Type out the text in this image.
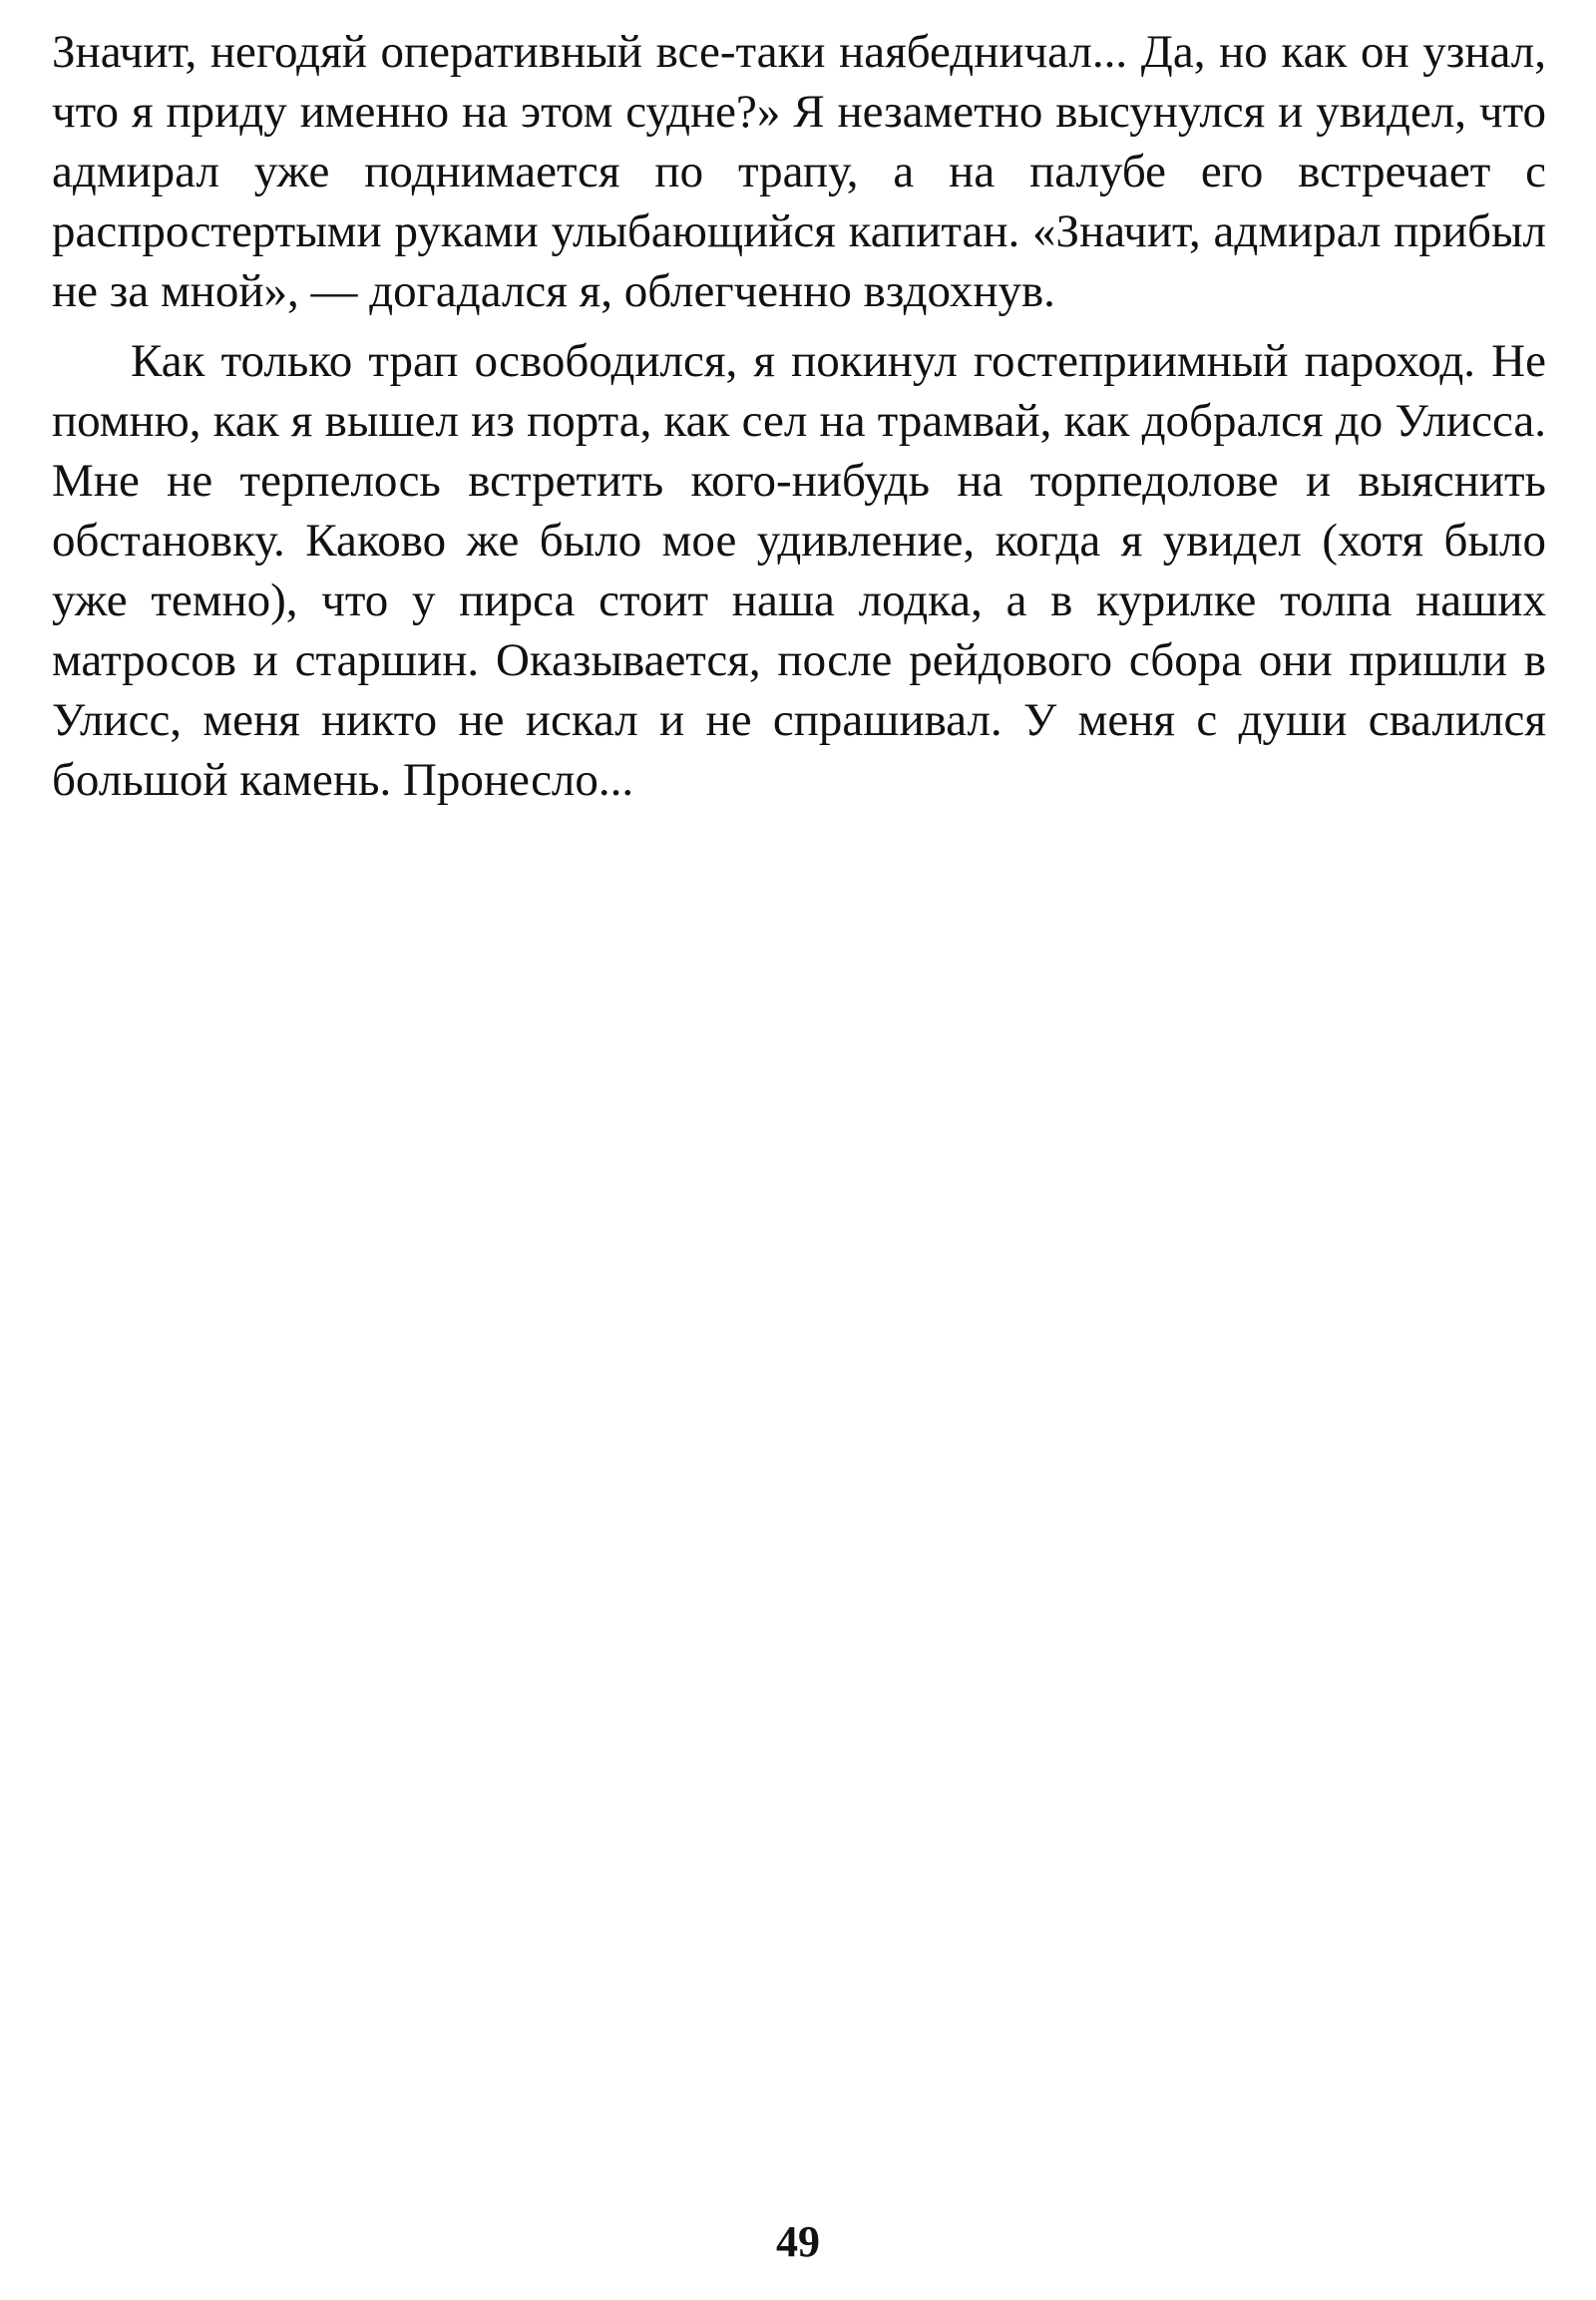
Значит, негодяй оперативный все-таки наябедничал... Да, но как он узнал, что я приду именно на этом судне?» Я незаметно высунулся и увидел, что адмирал уже поднимается по трапу, а на палубе его встречает с распростертыми руками улыбающийся капитан. «Значит, адмирал прибыл не за мной», — догадался я, облегченно вздохнув.

Как только трап освободился, я покинул гостеприимный пароход. Не помню, как я вышел из порта, как сел на трамвай, как добрался до Улисса. Мне не терпелось встретить кого-нибудь на торпедолове и выяснить обстановку. Каково же было мое удивление, когда я увидел (хотя было уже темно), что у пирса стоит наша лодка, а в курилке толпа наших матросов и старшин. Оказывается, после рейдового сбора они пришли в Улисс, меня никто не искал и не спрашивал. У меня с души свалился большой камень. Пронесло...

49
